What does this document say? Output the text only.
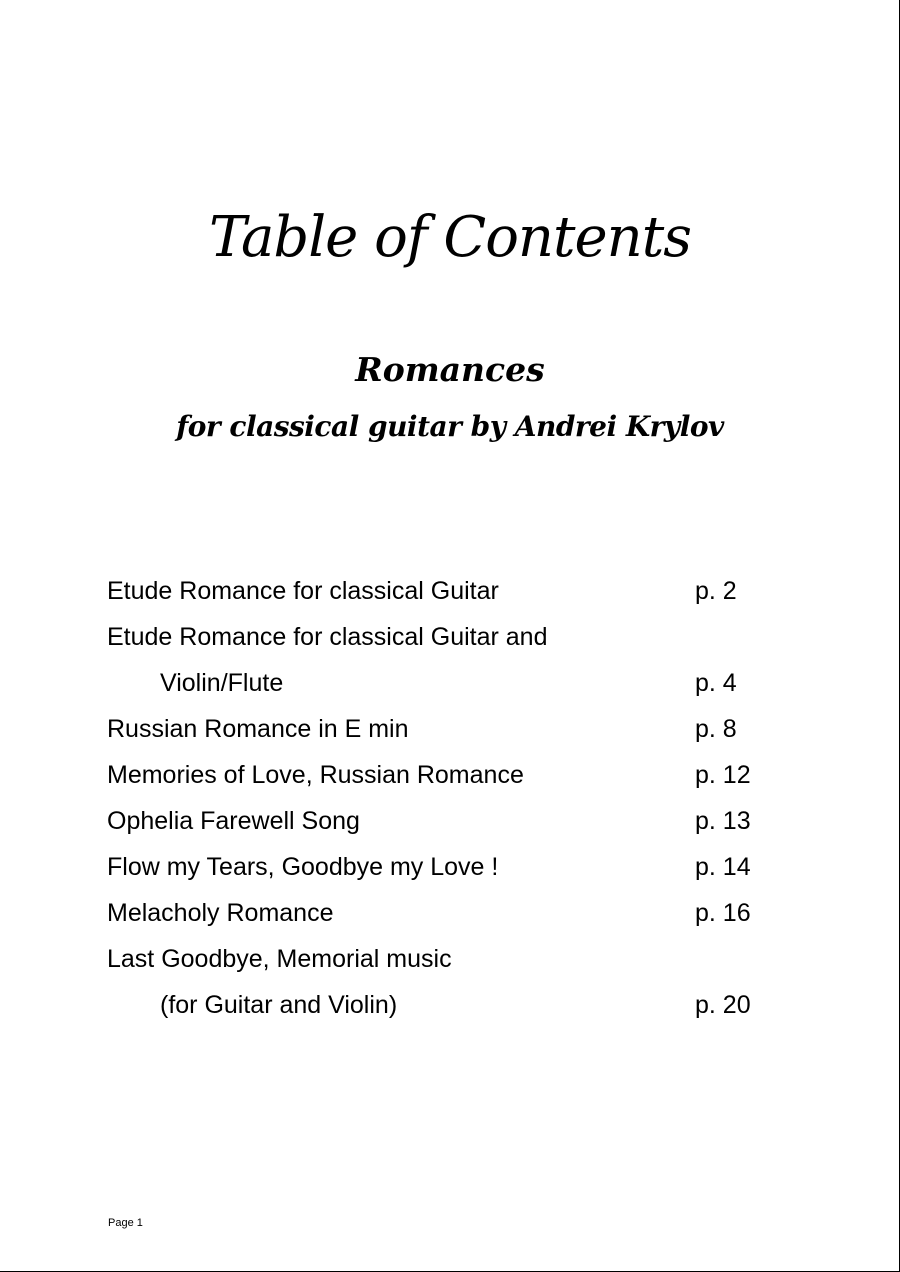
Table of Contents
Romances
for classical guitar by Andrei Krylov
Etude Romance for classical Guitar	p. 2
Etude Romance for classical Guitar and
Violin/Flute	p. 4
Russian Romance in E min	p. 8
Memories of Love, Russian Romance	p. 12
Ophelia Farewell Song	p. 13
Flow my Tears, Goodbye my Love !	p. 14
Melacholy Romance	p. 16
Last Goodbye, Memorial music
(for Guitar and Violin)	p. 20
Page 1
